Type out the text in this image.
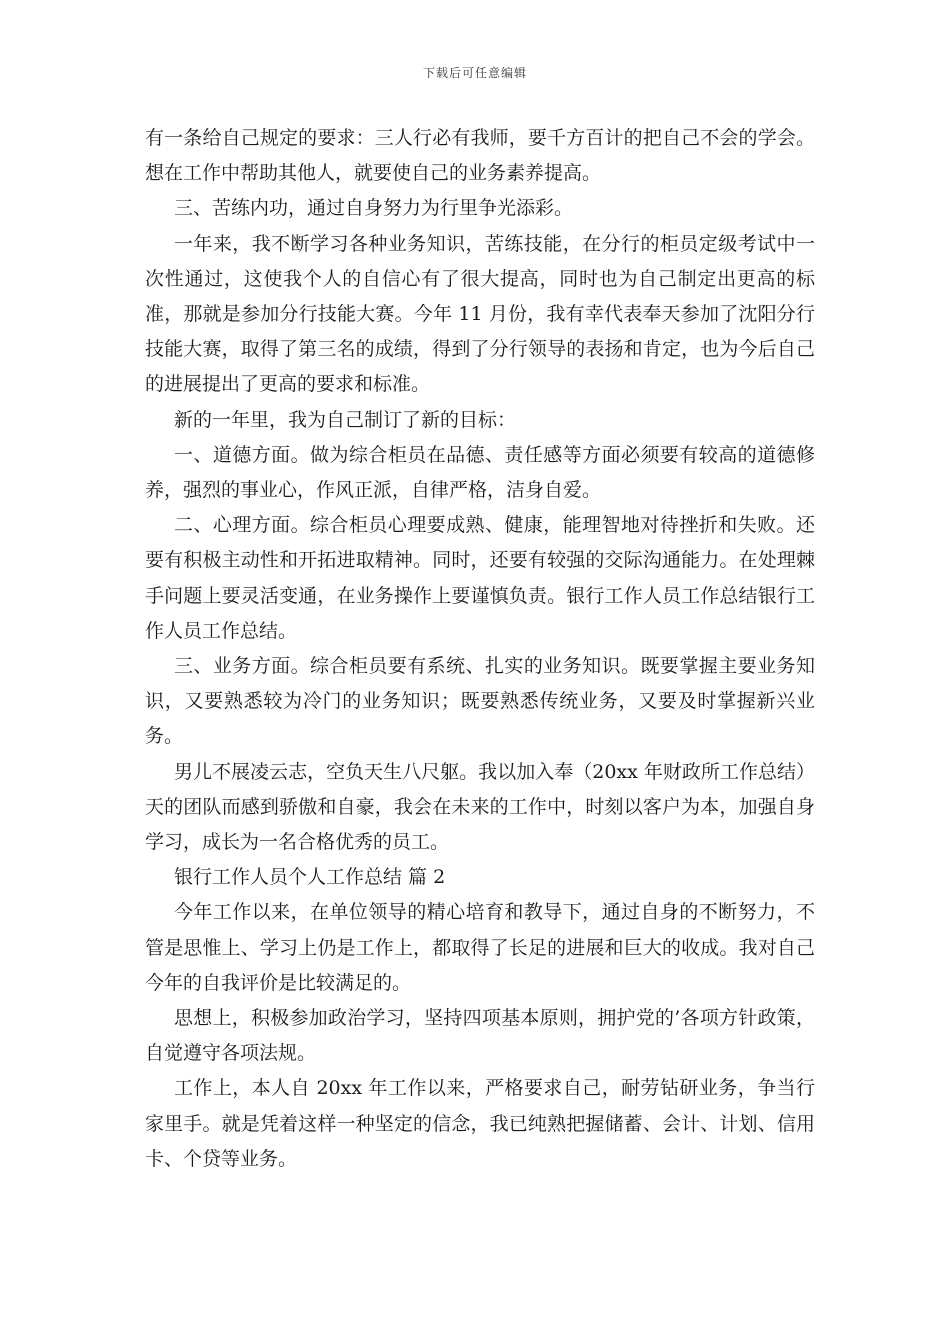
下载后可任意编辑

有一条给自己规定的要求：三人行必有我师，要千方百计的把自己不会的学会。想在工作中帮助其他人，就要使自己的业务素养提高。

三、苦练内功，通过自身努力为行里争光添彩。

一年来，我不断学习各种业务知识，苦练技能，在分行的柜员定级考试中一次性通过，这使我个人的自信心有了很大提高，同时也为自己制定出更高的标准，那就是参加分行技能大赛。今年 11 月份，我有幸代表奉天参加了沈阳分行技能大赛，取得了第三名的成绩，得到了分行领导的表扬和肯定，也为今后自己的进展提出了更高的要求和标准。

新的一年里，我为自己制订了新的目标：

一、道德方面。做为综合柜员在品德、责任感等方面必须要有较高的道德修养，强烈的事业心，作风正派，自律严格，洁身自爱。

二、心理方面。综合柜员心理要成熟、健康，能理智地对待挫折和失败。还要有积极主动性和开拓进取精神。同时，还要有较强的交际沟通能力。在处理棘手问题上要灵活变通，在业务操作上要谨慎负责。银行工作人员工作总结银行工作人员工作总结。

三、业务方面。综合柜员要有系统、扎实的业务知识。既要掌握主要业务知识，又要熟悉较为冷门的业务知识；既要熟悉传统业务，又要及时掌握新兴业务。

男儿不展凌云志，空负天生八尺躯。我以加入奉（20xx 年财政所工作总结）天的团队而感到骄傲和自豪，我会在未来的工作中，时刻以客户为本，加强自身学习，成长为一名合格优秀的员工。

银行工作人员个人工作总结 篇 2

今年工作以来，在单位领导的精心培育和教导下，通过自身的不断努力，不管是思惟上、学习上仍是工作上，都取得了长足的进展和巨大的收成。我对自己今年的自我评价是比较满足的。

思想上，积极参加政治学习，坚持四项基本原则，拥护党的’各项方针政策，自觉遵守各项法规。

工作上，本人自 20xx 年工作以来，严格要求自己，耐劳钻研业务，争当行家里手。就是凭着这样一种坚定的信念，我已纯熟把握储蓄、会计、计划、信用卡、个贷等业务。
